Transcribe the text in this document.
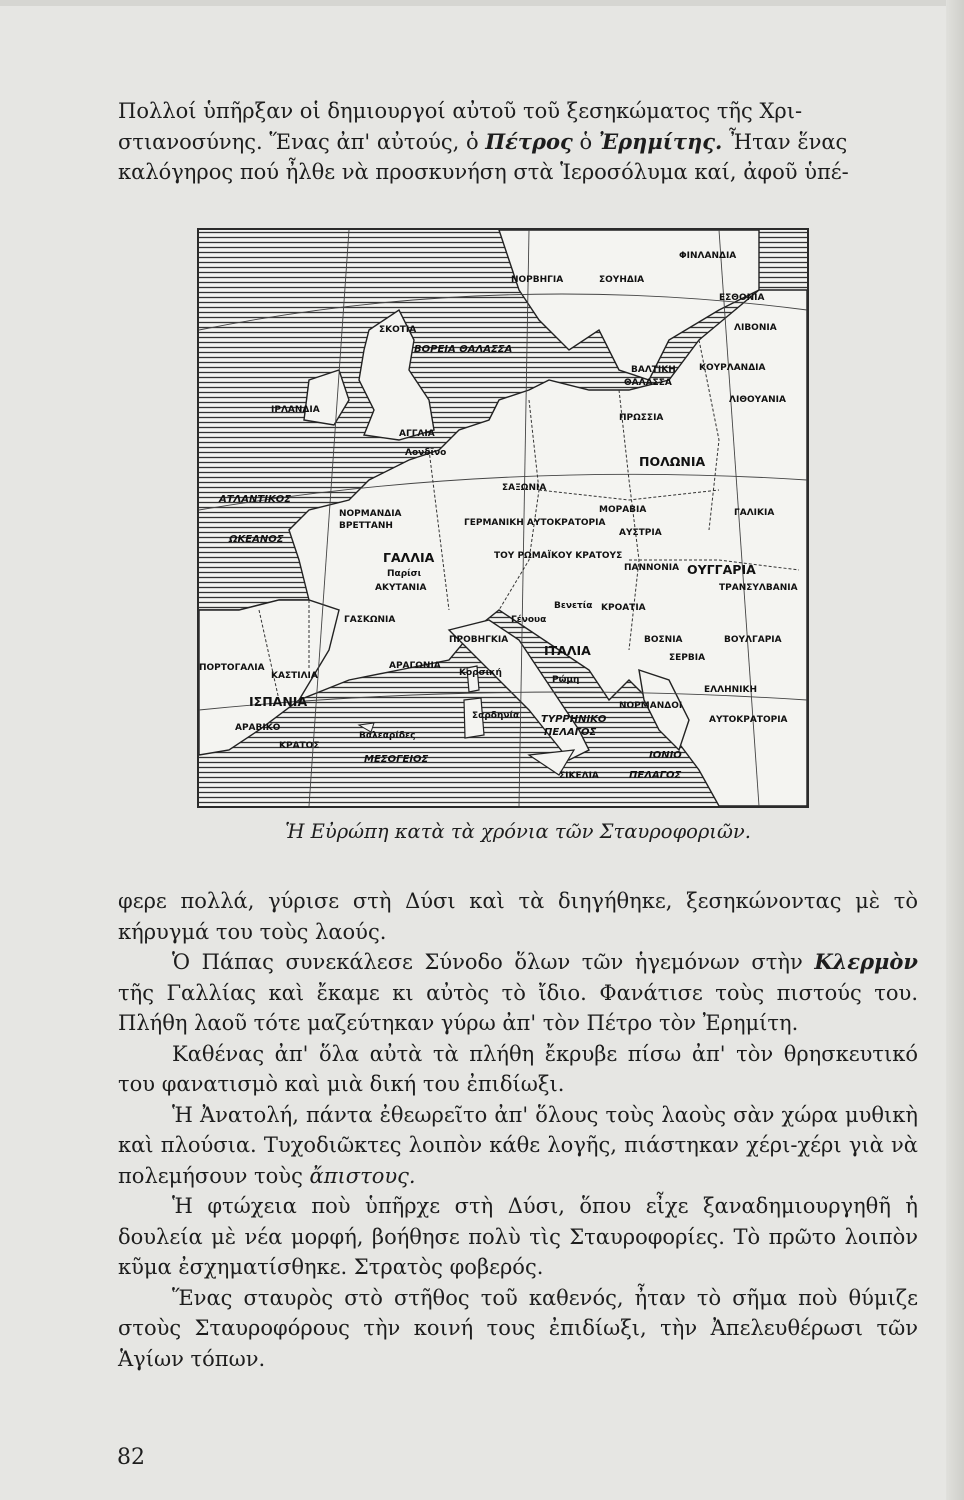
Πολλοί ὑπῆρξαν οἱ δημιουργοί αὐτοῦ τοῦ ξεσηκώματος τῆς Χρι-

στιανοσύνης. Ἕνας ἀπ' αὐτούς, ὁ Πέτρος ὁ Ἐρημίτης. Ἦταν ἕνας

καλόγηρος πού ἦλθε νὰ προσκυνήση στὰ Ἱεροσόλυμα καί, ἀφοῦ ὑπέ-

ΝΟΡΒΗΓΙΑ	ΣΟΥΗΔΙΑ
ΦΙΝΛΑΝΔΙΑ
ΕΣΘΟΝΙΑ
ΛΙΒΟΝΙΑ
ΣΚΟΤΙΑ
ΒΟΡΕΙΑ ΘΑΛΑΣΣΑ
ΒΑΛΤΙΚΗ
ΘΑΛΑΣΣΑ
ΚΟΥΡΛΑΝΔΙΑ
ΛΙΘΟΥΑΝΙΑ
ΙΡΛΑΝΔΙΑ
ΑΓΓΛΙΑ
Λονδῖνο
ΠΡΩΣΣΙΑ
ΠΟΛΩΝΙΑ
ΣΑΞΩΝΙΑ
ΑΤΛΑΝΤΙΚΟΣ
ΩΚΕΑΝΟΣ
ΝΟΡΜΑΝΔΙΑ
ΒΡΕΤΤΑΝΗ	ΓΕΡΜΑΝΙΚΗ ΑΥΤΟΚΡΑΤΟΡΙΑ
ΜΟΡΑΒΙΑ
ΑΥΣΤΡΙΑ
ΓΑΛΙΚΙΑ
ΤΟΥ ΡΩΜΑΪΚΟΥ ΚΡΑΤΟΥΣ
ΓΑΛΛΙΑ
Παρίσι
ΑΚΥΤΑΝΙΑ
ΠΑΝΝΟΝΙΑ ΟΥΓΓΑΡΙΑ
ΤΡΑΝΣΥΛΒΑΝΙΑ
ΓΑΣΚΩΝΙΑ
ΚΡΟΑΤΙΑ
ΒΟΣΝΙΑ	ΒΟΥΛΓΑΡΙΑ
Γένουα
Βενετία
ΠΡΟΒΗΓΚΙΑ
ΑΡΑΓΩΝΙΑ
ΚΑΣΤΙΛΙΑ
ΠΟΡΤΟΓΑΛΙΑ
ΙΤΑΛΙΑ	ΣΕΡΒΙΑ
Κορσική
Ρώμη
ΕΛΛΗΝΙΚΗ
ΙΣΠΑΝΙΑ
ΑΡΑΒΙΚΟ
ΚΡΑΤΟΣ
Σαρδηνία ΤΥΡΡΗΝΙΚΟ
ΠΕΛΑΓΟΣ
ΝΟΡΜΑΝΔΟΙ
ΑΥΤΟΚΡΑΤΟΡΙΑ
Βαλεαρίδες
ΜΕΣΟΓΕΙΟΣ	ΙΟΝΙΟ
ΣΙΚΕΛΙΑ	ΠΕΛΑΓΟΣ
Ἡ Εὐρώπη κατὰ τὰ χρόνια τῶν Σταυροφοριῶν.

φερε πολλά, γύρισε στὴ Δύσι καὶ τὰ διηγήθηκε, ξεσηκώνοντας μὲ τὸ κήρυγμά του τοὺς λαούς.

Ὁ Πάπας συνεκάλεσε Σύνοδο ὅλων τῶν ἡγεμόνων στὴν Κλερμὸν τῆς Γαλλίας καὶ ἔκαμε κι αὐτὸς τὸ ἴδιο. Φανάτισε τοὺς πιστούς του. Πλήθη λαοῦ τότε μαζεύτηκαν γύρω ἀπ' τὸν Πέτρο τὸν Ἐρημίτη.

Καθένας ἀπ' ὅλα αὐτὰ τὰ πλήθη ἔκρυβε πίσω ἀπ' τὸν θρησκευτικό του φανατισμὸ καὶ μιὰ δική του ἐπιδίωξι.

Ἡ Ἀνατολή, πάντα ἐθεωρεῖτο ἀπ' ὅλους τοὺς λαοὺς σὰν χώρα μυθικὴ καὶ πλούσια. Τυχοδιῶκτες λοιπὸν κάθε λογῆς, πιάστηκαν χέρι-χέρι γιὰ νὰ πολεμήσουν τοὺς ἄπιστους.

Ἡ φτώχεια ποὺ ὑπῆρχε στὴ Δύσι, ὅπου εἶχε ξαναδημιουργηθῆ ἡ δουλεία μὲ νέα μορφή, βοήθησε πολὺ τὶς Σταυροφορίες. Τὸ πρῶτο λοιπὸν κῦμα ἐσχηματίσθηκε. Στρατὸς φοβερός.

Ἕνας σταυρὸς στὸ στῆθος τοῦ καθενός, ἦταν τὸ σῆμα ποὺ θύμιζε στοὺς Σταυροφόρους τὴν κοινή τους ἐπιδίωξι, τὴν Ἀπελευθέρωσι τῶν Ἁγίων τόπων.

82
